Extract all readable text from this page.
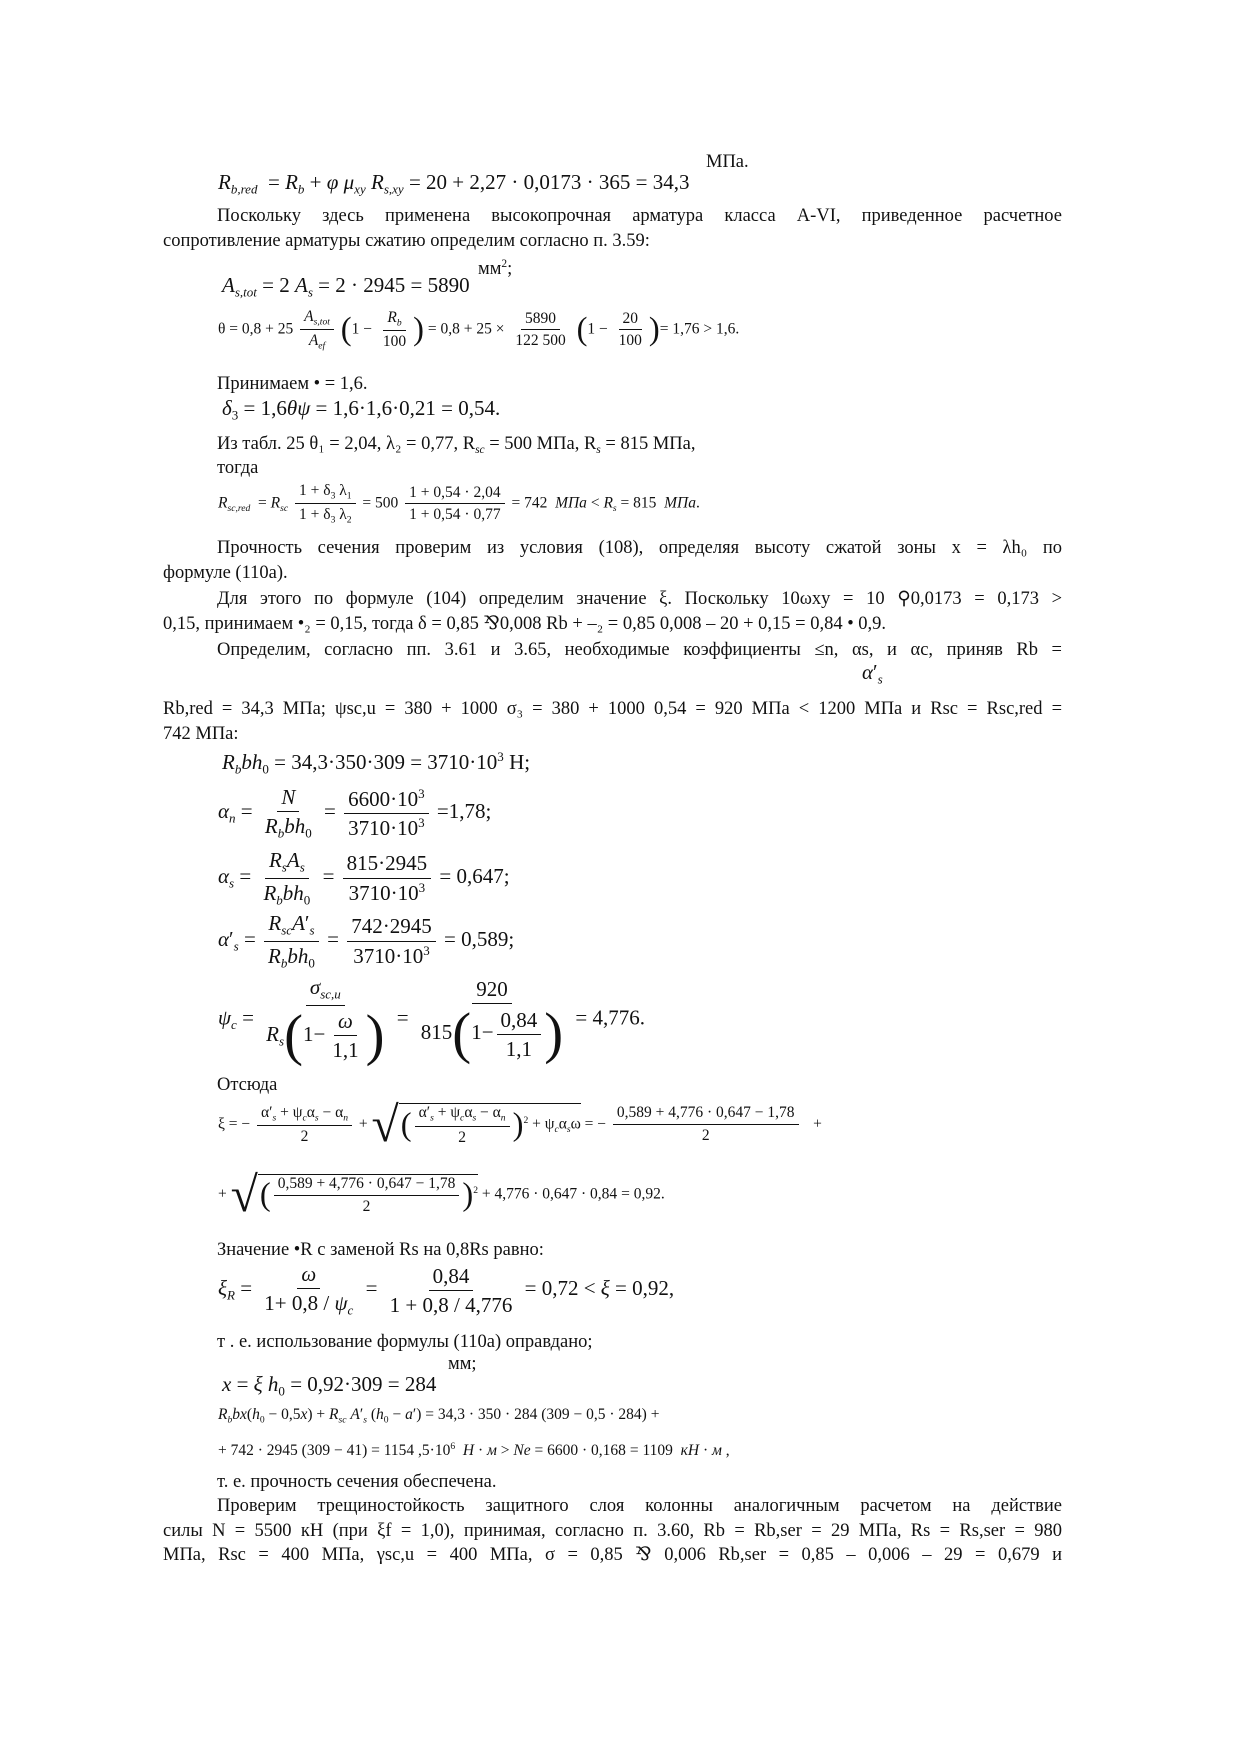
МПа.
$R_{b,red} = R_b + \varphi$ $\mu_{xy}$ $R_{s,xy} = 20 + 2,27 \cdot 0,0173 \cdot 365 = 34,3$
Поскольку здесь применена высокопрочная арматура класса А-VI, приведенное расчетное
сопротивление арматуры сжатию определим согласно п. 3.59:
$мм^2$;
$A_{s,tot} = 2$ $A_s = 2 \cdot 2945 = 5890$
$\theta = 0,8 + 25 \frac{A_{s,tot}}{A_{ef}} (1 - \frac{R_b}{100}$ ) = $0,8 + 25 \times \frac{5890}{122 500} (1 - \frac{20}{100}$ )= 1,76 > 1,6.
Принимаем • = 1,6.
$\delta_3 = 1,6\theta\psi = 1,6\cdot 1,6\cdot 0,21 = 0,54$.
Из табл. 25 θ₁ = 2,04, λ₂ = 0,77, $R_{sc} = 500$ МПа, $R_s = 815$ МПа,
тогда
$R_{sc,red} = R_{sc} \frac{1 + \delta_3 \lambda_1}{1 + \delta_3 \lambda_2} = 500 \frac{1 + 0,54 \cdot 2,04}{1 + 0,54 \cdot 0,77} = 742$ МПа < $R_s = 815$ МПа.
Прочность сечения проверим из условия (108), определяя высоту сжатой зоны x = λh₀ по
формуле (110а).
Для этого по формуле (104) определим значение ξ. Поскольку 10ωxy = 10 ⚲0,0173 = 0,173 >
0,15, принимаем •₂ = 0,15, тогда δ = 0,85 ⅋0,008 Rb + –₂ = 0,85 0,008 – 20 + 0,15 = 0,84 • 0,9.
Определим, согласно пп. 3.61 и 3.65, необходимые коэффициенты ≤n, αs, и αc, приняв Rb =
$\alpha'_s$
Rb,red = 34,3 МПа; ψsc,u = 380 + 1000 σ₃ = 380 + 1000 0,54 = 920 МПа < 1200 МПа и Rsc = Rsc,red =
742 МПа:
$R_bbh_0 = 34,3\cdot 350\cdot 309 = 3710\cdot 10^3$ Н;
$\alpha_n = \frac{N}{R_bbh_0} = \frac{6600\cdot 10^3}{3710\cdot 10^3} =1,78$;
$\alpha_s = \frac{R_sA_s}{R_bbh_0} = \frac{815\cdot 2945}{3710\cdot 10^3} = 0,647$;
$\alpha'_s = \frac{R_{sc}A'_s}{R_bbh_0} = \frac{742\cdot 2945}{3710\cdot 10^3} = 0,589$;
$\psi_c = \frac{\sigma_{sc,u}}{R_s(1- \frac{\omega}{1,1} )} = \frac{920}{815(1- \frac{0,84}{1,1} )} = 4,776$.
Отсюда
ξ = − $\frac{\alpha'_s + \psi_c\alpha_s - \alpha_n}{2}$ + √ ( $\frac{\alpha'_s + \psi_c\alpha_s - \alpha_n}{2} )^2 + \psi_c\alpha_s\omega$ = − $\frac{0,589 + 4,776 \cdot 0,647 - 1,78}{2}$ +
+ √ ( $\frac{0,589 + 4,776 \cdot 0,647 - 1,78}{2} )^2 + 4,776 \cdot 0,647 \cdot 0,84 = 0,92$.
Значение •R с заменой Rs на 0,8Rs равно:
$\xi_R = \frac{\omega}{1+ 0,8 / \psi_c} = \frac{0,84}{1 + 0,8 / 4,776} = 0,72 < \xi = 0,92$,
т . е. использование формулы (110а) оправдано;
мм;
x = ξ $h_0 = 0,92\cdot 309 = 284$
$R_bbx(h_0 - 0,5x) + R_{sc}$ $A'_s$ $(h_0 - a') = 34,3 \cdot 350 \cdot 284$ (309 − 0,5 · 284) +
+ 742 · 2945 (309 − 41) = 1154 $,5\cdot 10^6$ Н · м > Ne = 6600 · 0,168 = 1109 кН · м ,
т. е. прочность сечения обеспечена.
Проверим трещиностойкость защитного слоя колонны аналогичным расчетом на действие
силы N = 5500 кН (при ξf = 1,0), принимая, согласно п. 3.60, Rb = Rb,ser = 29 МПа, Rs = Rs,ser = 980
МПа, Rsc = 400 МПа, γsc,u = 400 МПа, σ = 0,85 ⅋ 0,006 Rb,ser = 0,85 – 0,006 – 29 = 0,679 и
